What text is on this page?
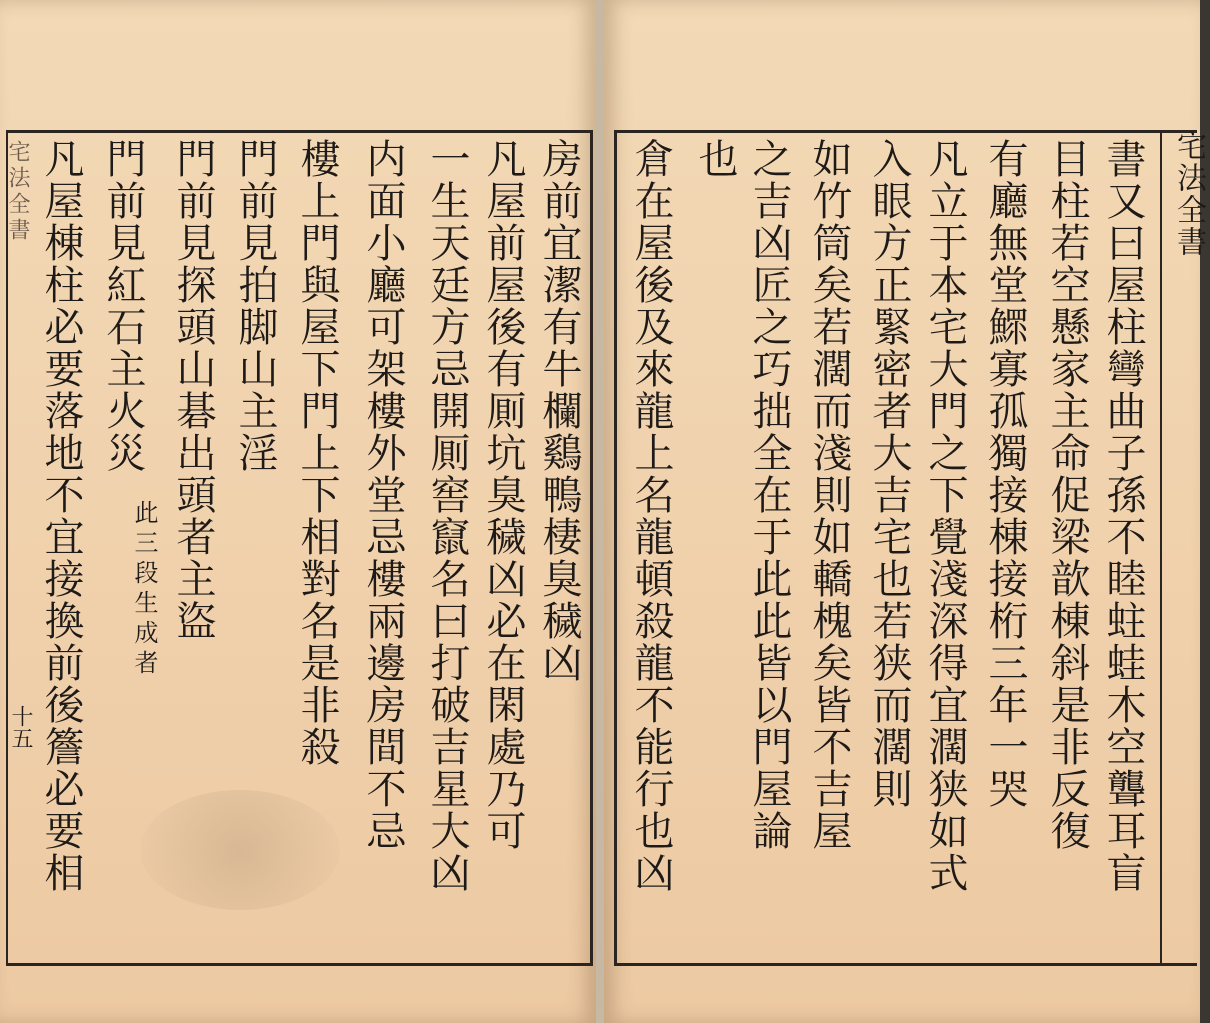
宅法全書
十五
房前宜潔有牛欄鷄鴨棲臭穢凶
凡屋前屋後有厠坑臭穢凶必在閑處乃可
一生天廷方忌開厠窖竄名曰打破吉星大凶
内面小廳可架樓外堂忌樓兩邊房間不忌
樓上門與屋下門上下相對名是非殺
門前見拍脚山主淫
門前見探頭山碁出頭者主盜
此三段生成者
門前見紅石主火災
凡屋棟柱必要落地不宜接換前後簷必要相	宅法全書
書又曰屋柱彎曲子孫不睦蛀蛙木空聾耳盲
目柱若空懸家主命促梁歆棟斜是非反復
有廳無堂鰥寡孤獨接棟接桁三年一哭
凡立于本宅大門之下覺淺深得宜濶狭如式
入眼方正緊密者大吉宅也若狭而濶則
如竹筒矣若濶而淺則如轎槐矣皆不吉屋
之吉凶匠之巧拙全在于此此皆以門屋論
也
倉在屋後及來龍上名龍頓殺龍不能行也凶
